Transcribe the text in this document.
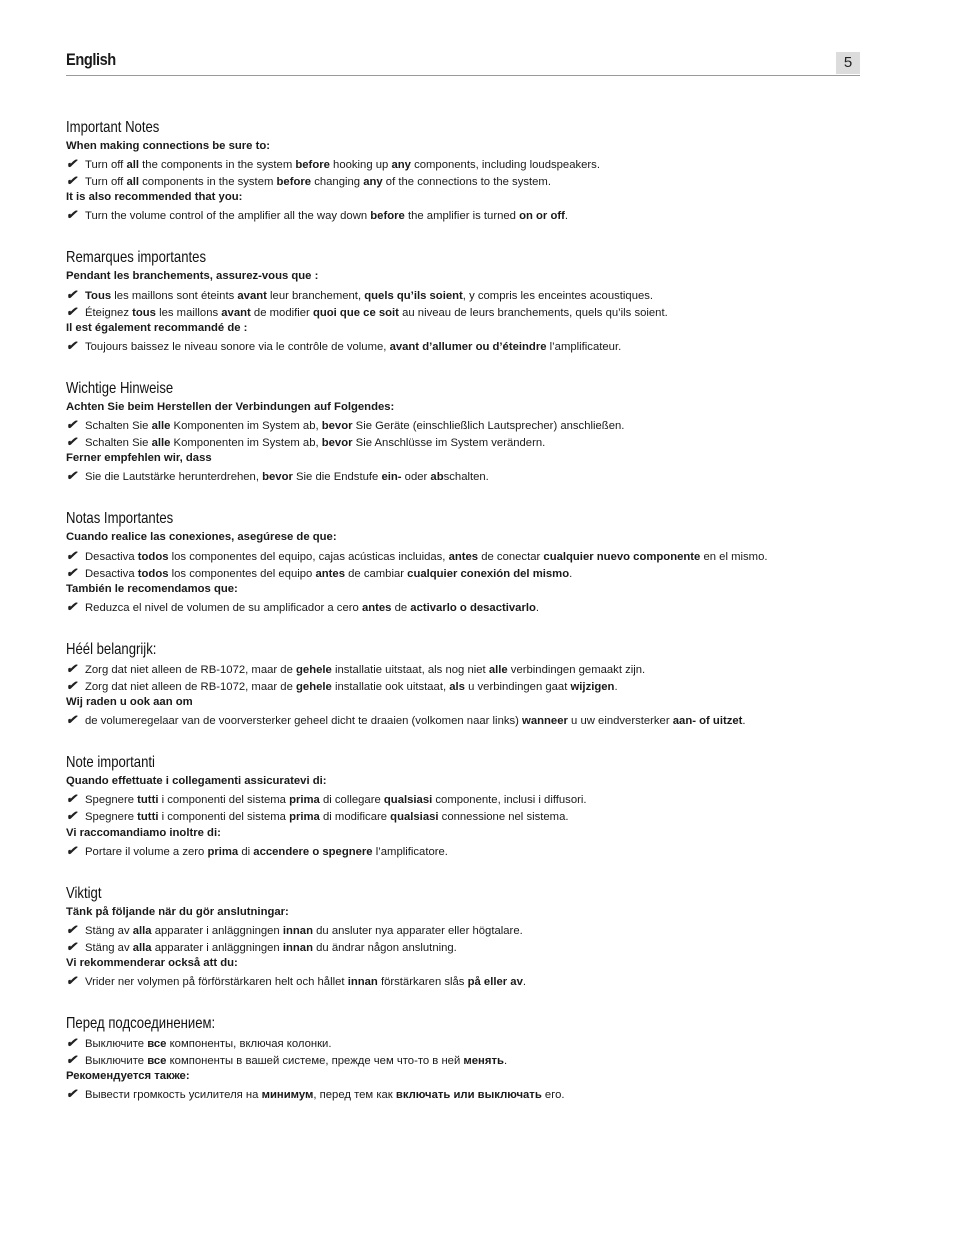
English	5
Important Notes
When making connections be sure to:
✔ Turn off all the components in the system before hooking up any components, including loudspeakers.
✔ Turn off all components in the system before changing any of the connections to the system.
It is also recommended that you:
✔ Turn the volume control of the amplifier all the way down before the amplifier is turned on or off.
Remarques importantes
Pendant les branchements, assurez-vous que :
✔ Tous les maillons sont éteints avant leur branchement, quels qu’ils soient, y compris les enceintes acoustiques.
✔ Éteignez tous les maillons avant de modifier quoi que ce soit au niveau de leurs branchements, quels qu’ils soient.
Il est également recommandé de :
✔ Toujours baissez le niveau sonore via le contrôle de volume, avant d’allumer ou d’éteindre l’amplificateur.
Wichtige Hinweise
Achten Sie beim Herstellen der Verbindungen auf Folgendes:
✔ Schalten Sie alle Komponenten im System ab, bevor Sie Geräte (einschließlich Lautsprecher) anschließen.
✔ Schalten Sie alle Komponenten im System ab, bevor Sie Anschlüsse im System verändern.
Ferner empfehlen wir, dass
✔ Sie die Lautstärke herunterdrehen, bevor Sie die Endstufe ein- oder abschalten.
Notas Importantes
Cuando realice las conexiones, asegúrese de que:
✔ Desactiva todos los componentes del equipo, cajas acústicas incluidas, antes de conectar cualquier nuevo componente en el mismo.
✔ Desactiva todos los componentes del equipo antes de cambiar cualquier conexión del mismo.
También le recomendamos que:
✔ Reduzca el nivel de volumen de su amplificador a cero antes de activarlo o desactivarlo.
Héél belangrijk:
✔ Zorg dat niet alleen de RB-1072, maar de gehele installatie uitstaat, als nog niet alle verbindingen gemaakt zijn.
✔ Zorg dat niet alleen de RB-1072, maar de gehele installatie ook uitstaat, als u verbindingen gaat wijzigen.
Wij raden u ook aan om
✔ de volumeregelaar van de voorversterker geheel dicht te draaien (volkomen naar links) wanneer u uw eindversterker aan- of uitzet.
Note importanti
Quando effettuate i collegamenti assicuratevi di:
✔ Spegnere tutti i componenti del sistema prima di collegare qualsiasi componente, inclusi i diffusori.
✔ Spegnere tutti i componenti del sistema prima di modificare qualsiasi connessione nel sistema.
Vi raccomandiamo inoltre di:
✔ Portare il volume a zero prima di accendere o spegnere l’amplificatore.
Viktigt
Tänk på följande när du gör anslutningar:
✔ Stäng av alla apparater i anläggningen innan du ansluter nya apparater eller högtalare.
✔ Stäng av alla apparater i anläggningen innan du ändrar någon anslutning.
Vi rekommenderar också att du:
✔ Vrider ner volymen på förförstärkaren helt och hållet innan förstärkaren slås på eller av.
Перед подсоединением:
✔ Выключите все компоненты, включая колонки.
✔ Выключите все компоненты в вашей системе, прежде чем что-то в ней менять.
Рекомендуется также:
✔ Вывести громкость усилителя на минимум, перед тем как включать или выключать его.
